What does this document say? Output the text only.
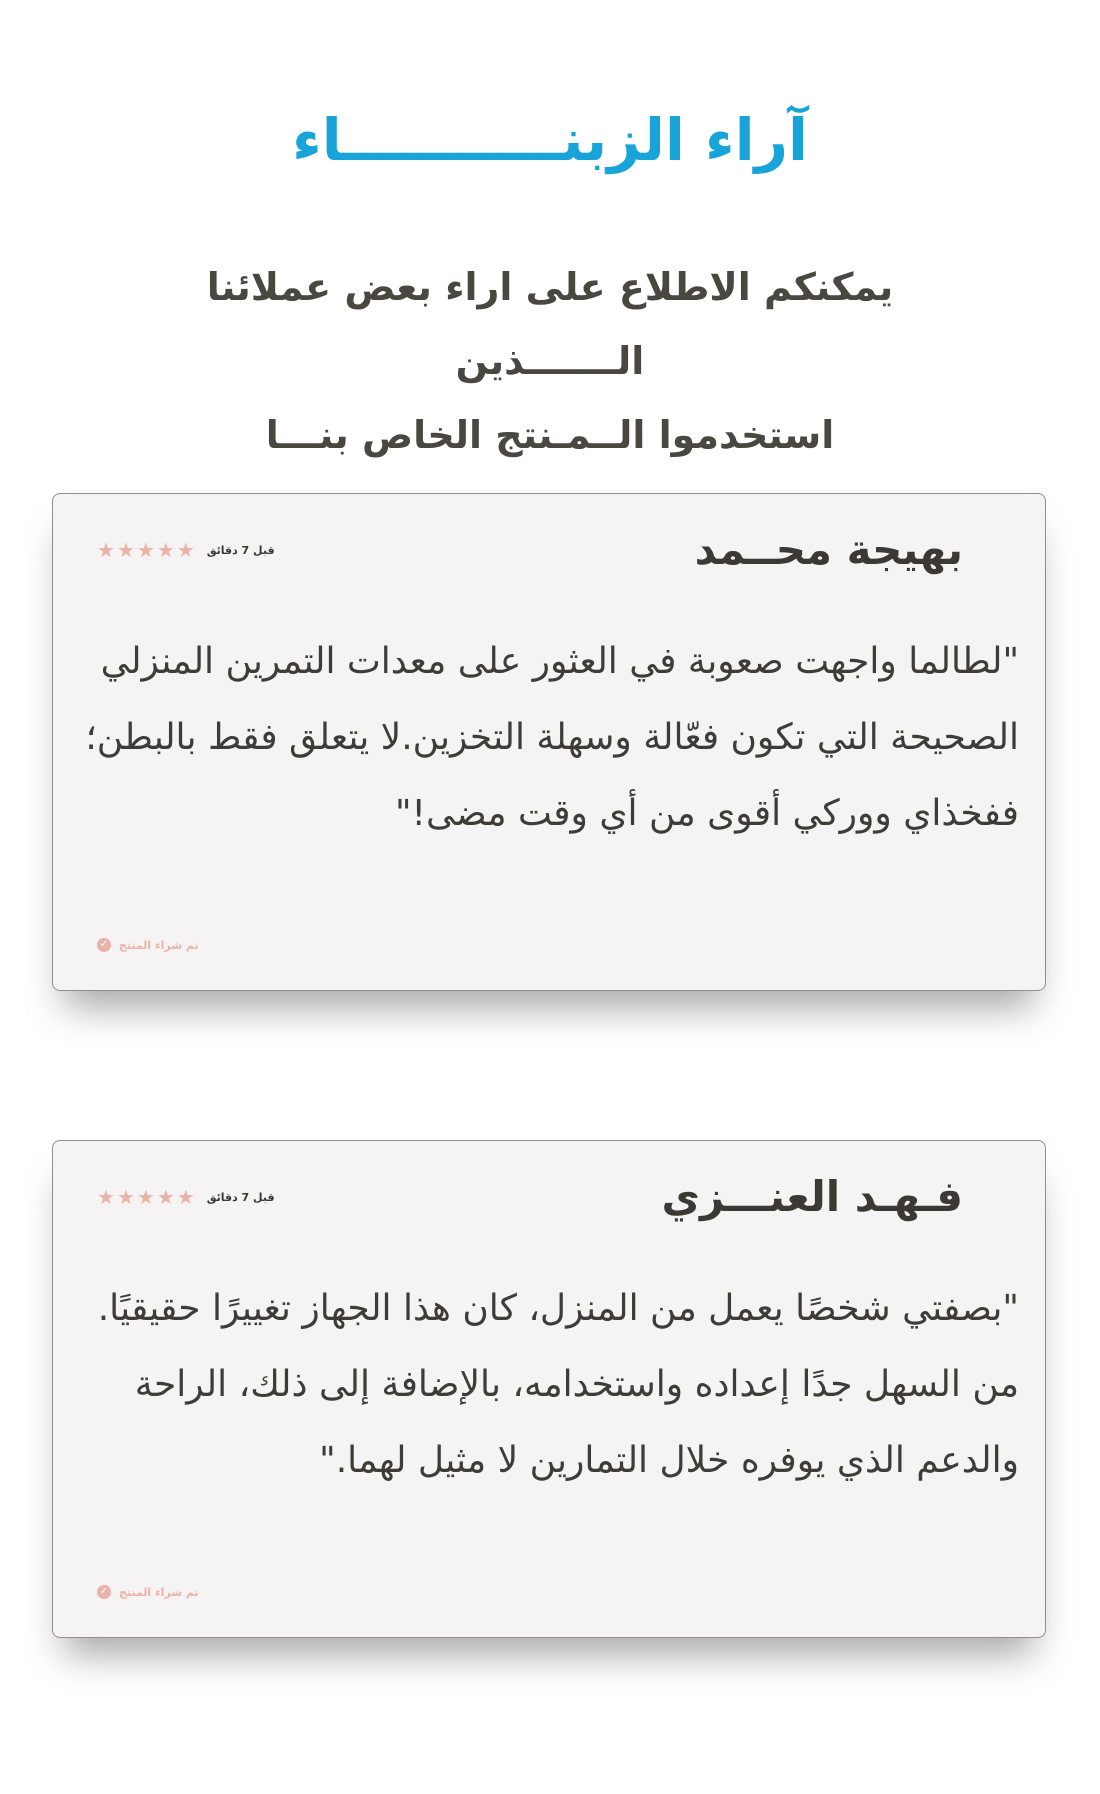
آراء الزبنـــــــــــاء
يمكنكم الاطلاع على اراء بعض عملائنا الـــــــذين
استخدموا الــمـنتج الخاص بنـــا
بهيجة محــمد
★ ★ ★ ★ ★ قبل 7 دقائق
"لطالما واجهت صعوبة في العثور على معدات التمرين المنزلي الصحيحة التي تكون فعّالة وسهلة التخزين.لا يتعلق فقط بالبطن؛ ففخذاي ووركي أقوى من أي وقت مضى!"
✓ تم شراء المنتج
فـهـد العنـــزي
★ ★ ★ ★ ★ قبل 7 دقائق
"بصفتي شخصًا يعمل من المنزل، كان هذا الجهاز تغييرًا حقيقيًا. من السهل جدًا إعداده واستخدامه، بالإضافة إلى ذلك، الراحة والدعم الذي يوفره خلال التمارين لا مثيل لهما."
✓ تم شراء المنتج
